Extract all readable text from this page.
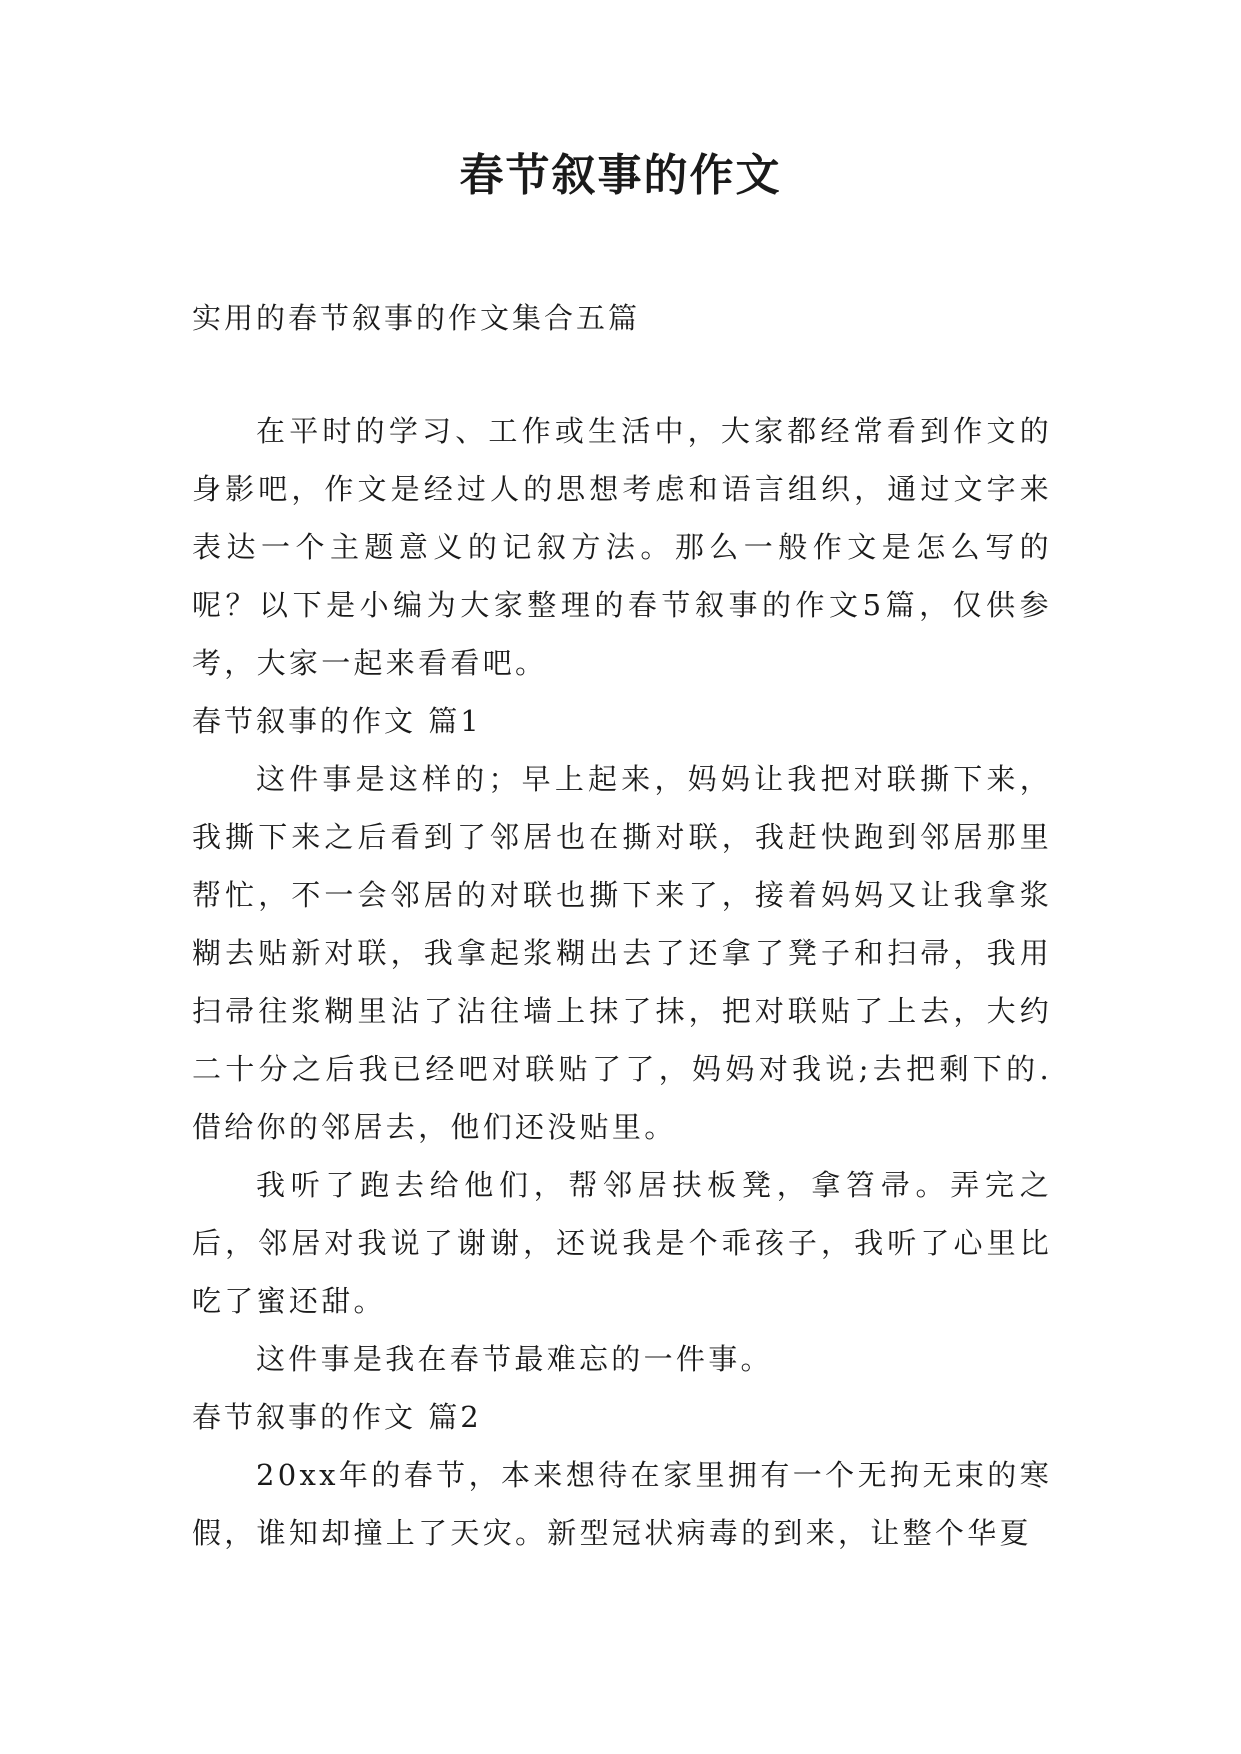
春节叙事的作文
实用的春节叙事的作文集合五篇

在平时的学习、工作或生活中，大家都经常看到作文的身影吧，作文是经过人的思想考虑和语言组织，通过文字来表达一个主题意义的记叙方法。那么一般作文是怎么写的呢？以下是小编为大家整理的春节叙事的作文5篇，仅供参考，大家一起来看看吧。

春节叙事的作文 篇1

这件事是这样的；早上起来，妈妈让我把对联撕下来，我撕下来之后看到了邻居也在撕对联，我赶快跑到邻居那里帮忙，不一会邻居的对联也撕下来了，接着妈妈又让我拿浆糊去贴新对联，我拿起浆糊出去了还拿了凳子和扫帚，我用扫帚往浆糊里沾了沾往墙上抹了抹，把对联贴了上去，大约二十分之后我已经吧对联贴了了，妈妈对我说;去把剩下的.借给你的邻居去，他们还没贴里。

我听了跑去给他们，帮邻居扶板凳，拿笤帚。弄完之后，邻居对我说了谢谢，还说我是个乖孩子，我听了心里比吃了蜜还甜。

这件事是我在春节最难忘的一件事。

春节叙事的作文 篇2

20xx年的春节，本来想待在家里拥有一个无拘无束的寒假，谁知却撞上了天灾。新型冠状病毒的到来，让整个华夏
